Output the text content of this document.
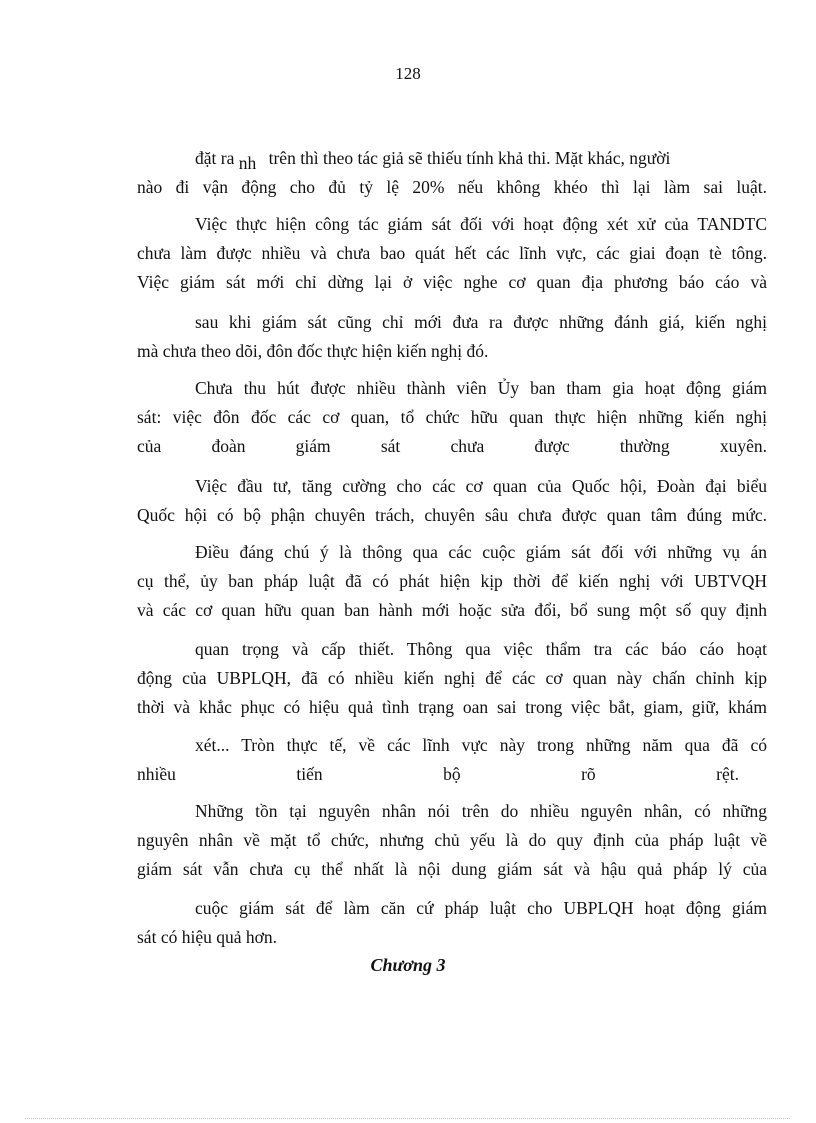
128
đặt ra nh trên thì theo tác giả sẽ thiếu tính khả thi. Mặt khác, người
nào đi vận động cho đủ tỷ lệ 20% nếu không khéo thì lại làm sai luật.
Việc thực hiện công tác giám sát đối với hoạt động xét xử của TANDTC
chưa làm được nhiều và chưa bao quát hết các lĩnh vực, các giai đoạn tè tông.
Việc giám sát mới chỉ dừng lại ở việc nghe cơ quan địa phương báo cáo và
sau khi giám sát cũng chỉ mới đưa ra được những đánh giá, kiến nghị
mà chưa theo dõi, đôn đốc thực hiện kiến nghị đó.
Chưa thu hút được nhiều thành viên Ủy ban tham gia hoạt động giám
sát: việc đôn đốc các cơ quan, tổ chức hữu quan thực hiện những kiến nghị
của đoàn giám sát chưa được thường xuyên.
Việc đầu tư, tăng cường cho các cơ quan của Quốc hội, Đoàn đại biểu
Quốc hội có bộ phận chuyên trách, chuyên sâu chưa được quan tâm đúng mức.
Điều đáng chú ý là thông qua các cuộc giám sát đối với những vụ án
cụ thể, ủy ban pháp luật đã có phát hiện kịp thời để kiến nghị với UBTVQH
và các cơ quan hữu quan ban hành mới hoặc sửa đổi, bổ sung một số quy định
quan trọng và cấp thiết. Thông qua việc thẩm tra các báo cáo hoạt
động của UBPLQH, đã có nhiều kiến nghị để các cơ quan này chấn chỉnh kịp
thời và khắc phục có hiệu quả tình trạng oan sai trong việc bắt, giam, giữ, khám
xét... Tròn thực tế, về các lĩnh vực này trong những năm qua đã có
nhiều tiến bộ rõ rệt.
Những tồn tại nguyên nhân nói trên do nhiều nguyên nhân, có những
nguyên nhân về mặt tổ chức, nhưng chủ yếu là do quy định của pháp luật về
giám sát vẫn chưa cụ thể nhất là nội dung giám sát và hậu quả pháp lý của
cuộc giám sát để làm căn cứ pháp luật cho UBPLQH hoạt động giám
sát có hiệu quả hơn.
Chương 3
